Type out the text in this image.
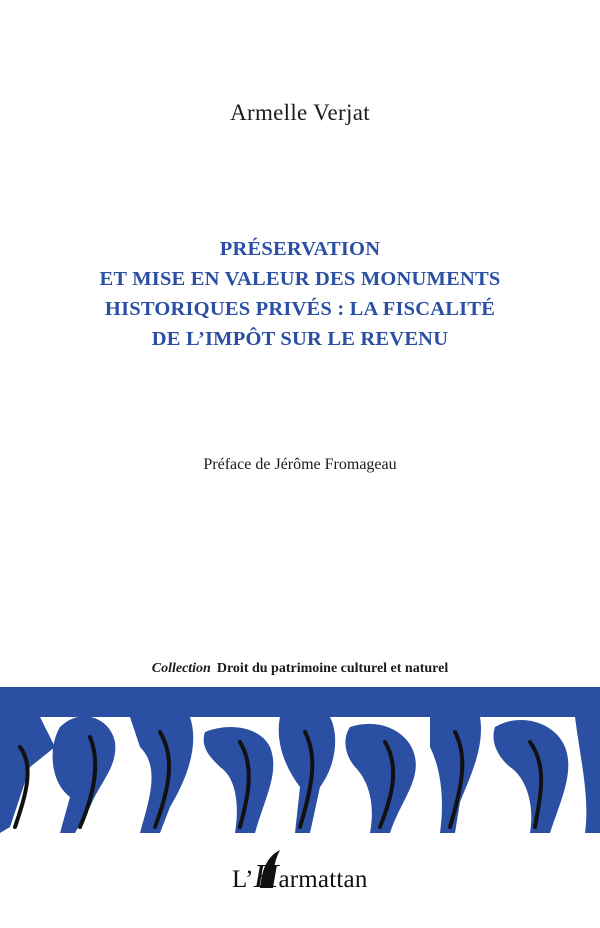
Armelle Verjat
PRÉSERVATION
ET MISE EN VALEUR DES MONUMENTS
HISTORIQUES PRIVÉS : LA FISCALITÉ
DE L’IMPÔT SUR LE REVENU
Préface de Jérôme Fromageau
Collection Droit du patrimoine culturel et naturel
L’Harmattan
